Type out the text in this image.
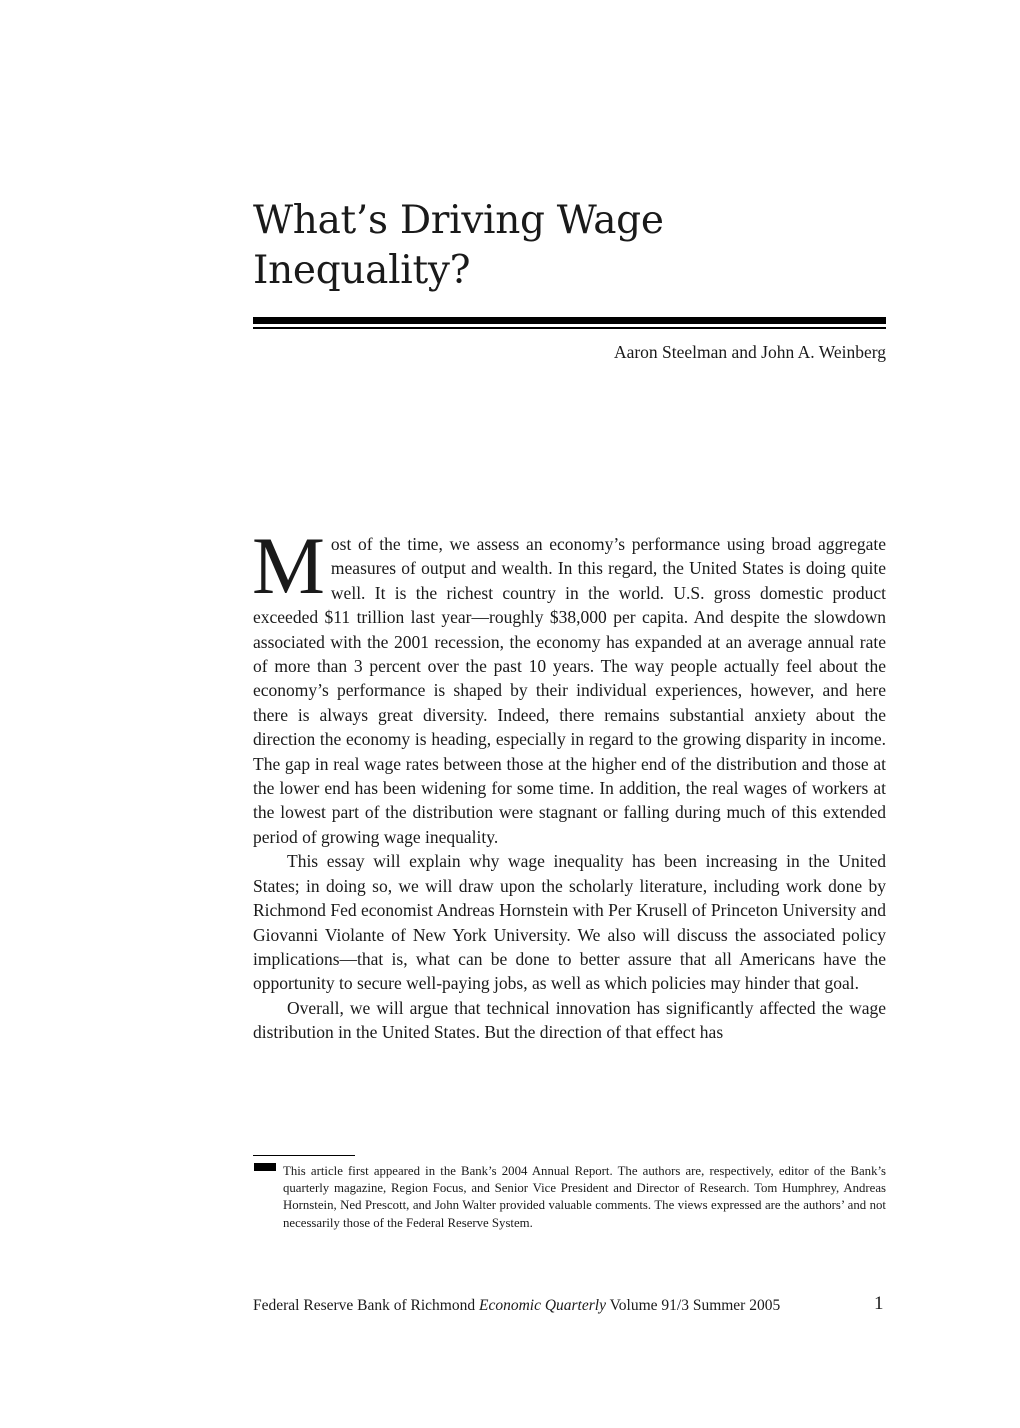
What’s Driving Wage
Inequality?
Aaron Steelman and John A. Weinberg

Most of the time, we assess an economy’s performance using broad aggregate measures of output and wealth. In this regard, the United States is doing quite well. It is the richest country in the world. U.S. gross domestic product exceeded $11 trillion last year—roughly $38,000 per capita. And despite the slowdown associated with the 2001 recession, the economy has expanded at an average annual rate of more than 3 percent over the past 10 years. The way people actually feel about the economy’s performance is shaped by their individual experiences, however, and here there is always great diversity. Indeed, there remains substantial anxiety about the direction the economy is heading, especially in regard to the growing disparity in income. The gap in real wage rates between those at the higher end of the distribution and those at the lower end has been widening for some time. In addition, the real wages of workers at the lowest part of the distribution were stagnant or falling during much of this extended period of growing wage inequality.

This essay will explain why wage inequality has been increasing in the United States; in doing so, we will draw upon the scholarly literature, including work done by Richmond Fed economist Andreas Hornstein with Per Krusell of Princeton University and Giovanni Violante of New York University. We also will discuss the associated policy implications—that is, what can be done to better assure that all Americans have the opportunity to secure well-paying jobs, as well as which policies may hinder that goal.

Overall, we will argue that technical innovation has significantly affected the wage distribution in the United States. But the direction of that effect has

This article first appeared in the Bank’s 2004 Annual Report. The authors are, respectively, editor of the Bank’s quarterly magazine, Region Focus, and Senior Vice President and Director of Research. Tom Humphrey, Andreas Hornstein, Ned Prescott, and John Walter provided valuable comments. The views expressed are the authors’ and not necessarily those of the Federal Reserve System.

Federal Reserve Bank of Richmond Economic Quarterly Volume 91/3 Summer 2005	1
